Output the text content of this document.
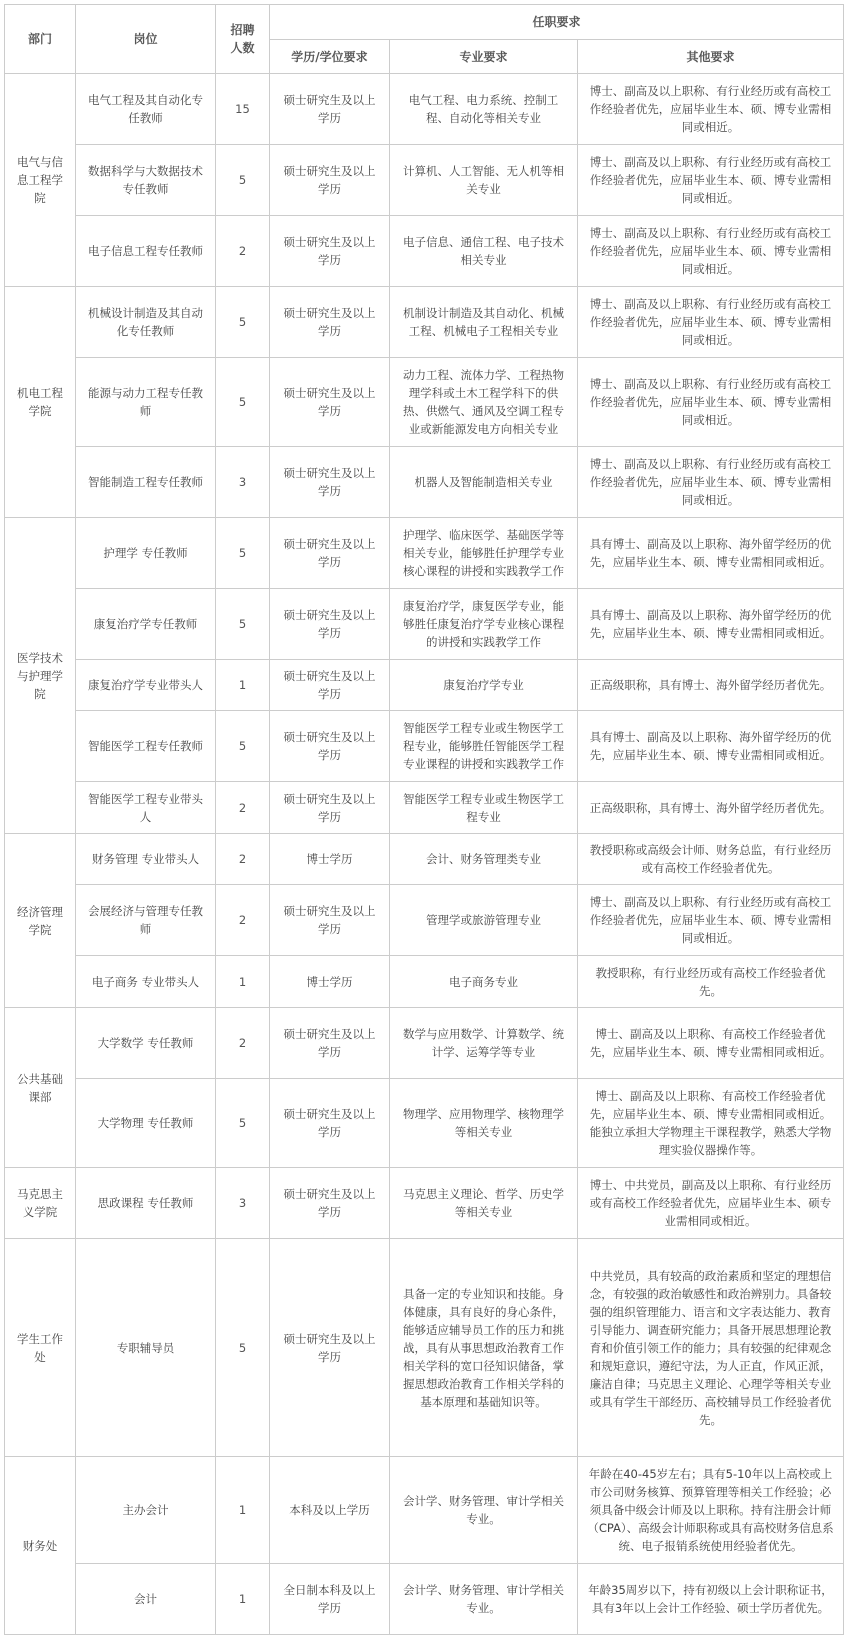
部门	岗位	招聘人数	任职要求		
			学历/学位要求	专业要求	其他要求
电气与信息工程学院	电气工程及其自动化专任教师	15	硕士研究生及以上学历	电气工程、电力系统、控制工程、自动化等相关专业	博士、副高及以上职称、有行业经历或有高校工作经验者优先，应届毕业生本、硕、博专业需相同或相近。
	数据科学与大数据技术专任教师	5	硕士研究生及以上学历	计算机、人工智能、无人机等相关专业	博士、副高及以上职称、有行业经历或有高校工作经验者优先，应届毕业生本、硕、博专业需相同或相近。
	电子信息工程专任教师	2	硕士研究生及以上学历	电子信息、通信工程、电子技术相关专业	博士、副高及以上职称、有行业经历或有高校工作经验者优先，应届毕业生本、硕、博专业需相同或相近。
机电工程学院	机械设计制造及其自动化专任教师	5	硕士研究生及以上学历	机制设计制造及其自动化、机械工程、机械电子工程相关专业	博士、副高及以上职称、有行业经历或有高校工作经验者优先，应届毕业生本、硕、博专业需相同或相近。
	能源与动力工程专任教师	5	硕士研究生及以上学历	动力工程、流体力学、工程热物理学科或土木工程学科下的供热、供燃气、通风及空调工程专业或新能源发电方向相关专业	博士、副高及以上职称、有行业经历或有高校工作经验者优先，应届毕业生本、硕、博专业需相同或相近。
	智能制造工程专任教师	3	硕士研究生及以上学历	机器人及智能制造相关专业	博士、副高及以上职称、有行业经历或有高校工作经验者优先，应届毕业生本、硕、博专业需相同或相近。
医学技术与护理学院	护理学 专任教师	5	硕士研究生及以上学历	护理学、临床医学、基础医学等相关专业，能够胜任护理学专业核心课程的讲授和实践教学工作	具有博士、副高及以上职称、海外留学经历的优先，应届毕业生本、硕、博专业需相同或相近。
	康复治疗学专任教师	5	硕士研究生及以上学历	康复治疗学，康复医学专业，能够胜任康复治疗学专业核心课程的讲授和实践教学工作	具有博士、副高及以上职称、海外留学经历的优先，应届毕业生本、硕、博专业需相同或相近。
	康复治疗学专业带头人	1	硕士研究生及以上学历	康复治疗学专业	正高级职称，具有博士、海外留学经历者优先。
	智能医学工程专任教师	5	硕士研究生及以上学历	智能医学工程专业或生物医学工程专业，能够胜任智能医学工程专业课程的讲授和实践教学工作	具有博士、副高及以上职称、海外留学经历的优先，应届毕业生本、硕、博专业需相同或相近。
	智能医学工程专业带头人	2	硕士研究生及以上学历	智能医学工程专业或生物医学工程专业	正高级职称，具有博士、海外留学经历者优先。
经济管理学院	财务管理 专业带头人	2	博士学历	会计、财务管理类专业	教授职称或高级会计师、财务总监，有行业经历或有高校工作经验者优先。
	会展经济与管理专任教师	2	硕士研究生及以上学历	管理学或旅游管理专业	博士、副高及以上职称、有行业经历或有高校工作经验者优先，应届毕业生本、硕、博专业需相同或相近。
	电子商务 专业带头人	1	博士学历	电子商务专业	教授职称，有行业经历或有高校工作经验者优先。
公共基础课部	大学数学 专任教师	2	硕士研究生及以上学历	数学与应用数学、计算数学、统计学、运筹学等专业	博士、副高及以上职称、有高校工作经验者优先，应届毕业生本、硕、博专业需相同或相近。
	大学物理 专任教师	5	硕士研究生及以上学历	物理学、应用物理学、核物理学等相关专业	博士、副高及以上职称、有高校工作经验者优先，应届毕业生本、硕、博专业需相同或相近。能独立承担大学物理主干课程教学，熟悉大学物理实验仪器操作等。
马克思主义学院	思政课程 专任教师	3	硕士研究生及以上学历	马克思主义理论、哲学、历史学等相关专业	博士、中共党员，副高及以上职称、有行业经历或有高校工作经验者优先，应届毕业生本、硕专业需相同或相近。
学生工作处	专职辅导员	5	硕士研究生及以上学历	具备一定的专业知识和技能。身体健康，具有良好的身心条件，能够适应辅导员工作的压力和挑战，具有从事思想政治教育工作相关学科的宽口径知识储备，掌握思想政治教育工作相关学科的基本原理和基础知识等。	中共党员，具有较高的政治素质和坚定的理想信念，有较强的政治敏感性和政治辨别力。具备较强的组织管理能力、语言和文字表达能力、教育引导能力、调查研究能力；具备开展思想理论教育和价值引领工作的能力；具有较强的纪律观念和规矩意识，遵纪守法，为人正直，作风正派，廉洁自律；马克思主义理论、心理学等相关专业或具有学生干部经历、高校辅导员工作经验者优先。
财务处	主办会计	1	本科及以上学历	会计学、财务管理、审计学相关专业。	年龄在40-45岁左右；具有5-10年以上高校或上市公司财务核算、预算管理等相关工作经验；必须具备中级会计师及以上职称。持有注册会计师（CPA）、高级会计师职称或具有高校财务信息系统、电子报销系统使用经验者优先。
	会计	1	全日制本科及以上学历	会计学、财务管理、审计学相关专业。	年龄35周岁以下，持有初级以上会计职称证书，具有3年以上会计工作经验、硕士学历者优先。
